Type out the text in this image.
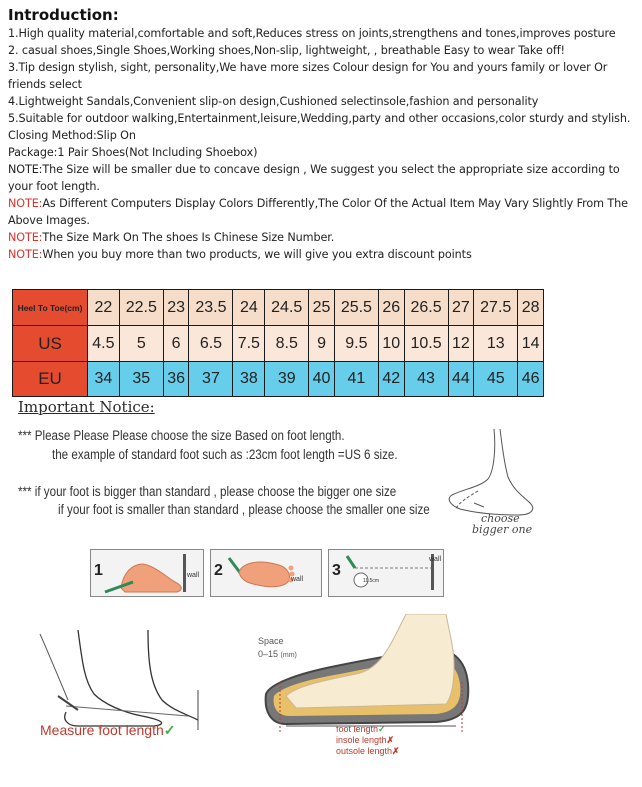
Introduction:

1.High quality material,comfortable and soft,Reduces stress on joints,strengthens and tones,improves posture

2. casual shoes,Single Shoes,Working shoes,Non-slip, lightweight, , breathable Easy to wear Take off!

3.Tip design stylish, sight, personality,We have more sizes Colour design for You and yours family or lover Or friends select

4.Lightweight Sandals,Convenient slip-on design,Cushioned selectinsole,fashion and personality

5.Suitable for outdoor walking,Entertainment,leisure,Wedding,party and other occasions,color sturdy and stylish.

Closing Method:Slip On

Package:1 Pair Shoes(Not Including Shoebox)

NOTE:The Size will be smaller due to concave design , We suggest you select the appropriate size according to your foot length.

NOTE:As Different Computers Display Colors Differently,The Color Of the Actual Item May Vary Slightly From The Above Images.

NOTE:The Size Mark On The shoes Is Chinese Size Number.

NOTE:When you buy more than two products, we will give you extra discount points

Heel To Toe(cm)	22	22.5	23	23.5	24	24.5	25	25.5	26	26.5	27	27.5	28
US	4.5	5	6	6.5	7.5	8.5	9	9.5	10	10.5	12	13	14
EU	34	35	36	37	38	39	40	41	42	43	44	45	46
Important Notice:
*** Please Please Please choose the size Based on foot length.
the example of standard foot such as :23cm foot length =US 6 size.
*** if your foot is bigger than standard , please choose the bigger one size
if your foot is smaller than standard , please choose the smaller one size
choose
bigger one
1	wall 2
wall
3
11.5cm
wall
Measure foot length✓
Space
0–15 (mm)
foot length✓
insole length✗
outsole length✗
